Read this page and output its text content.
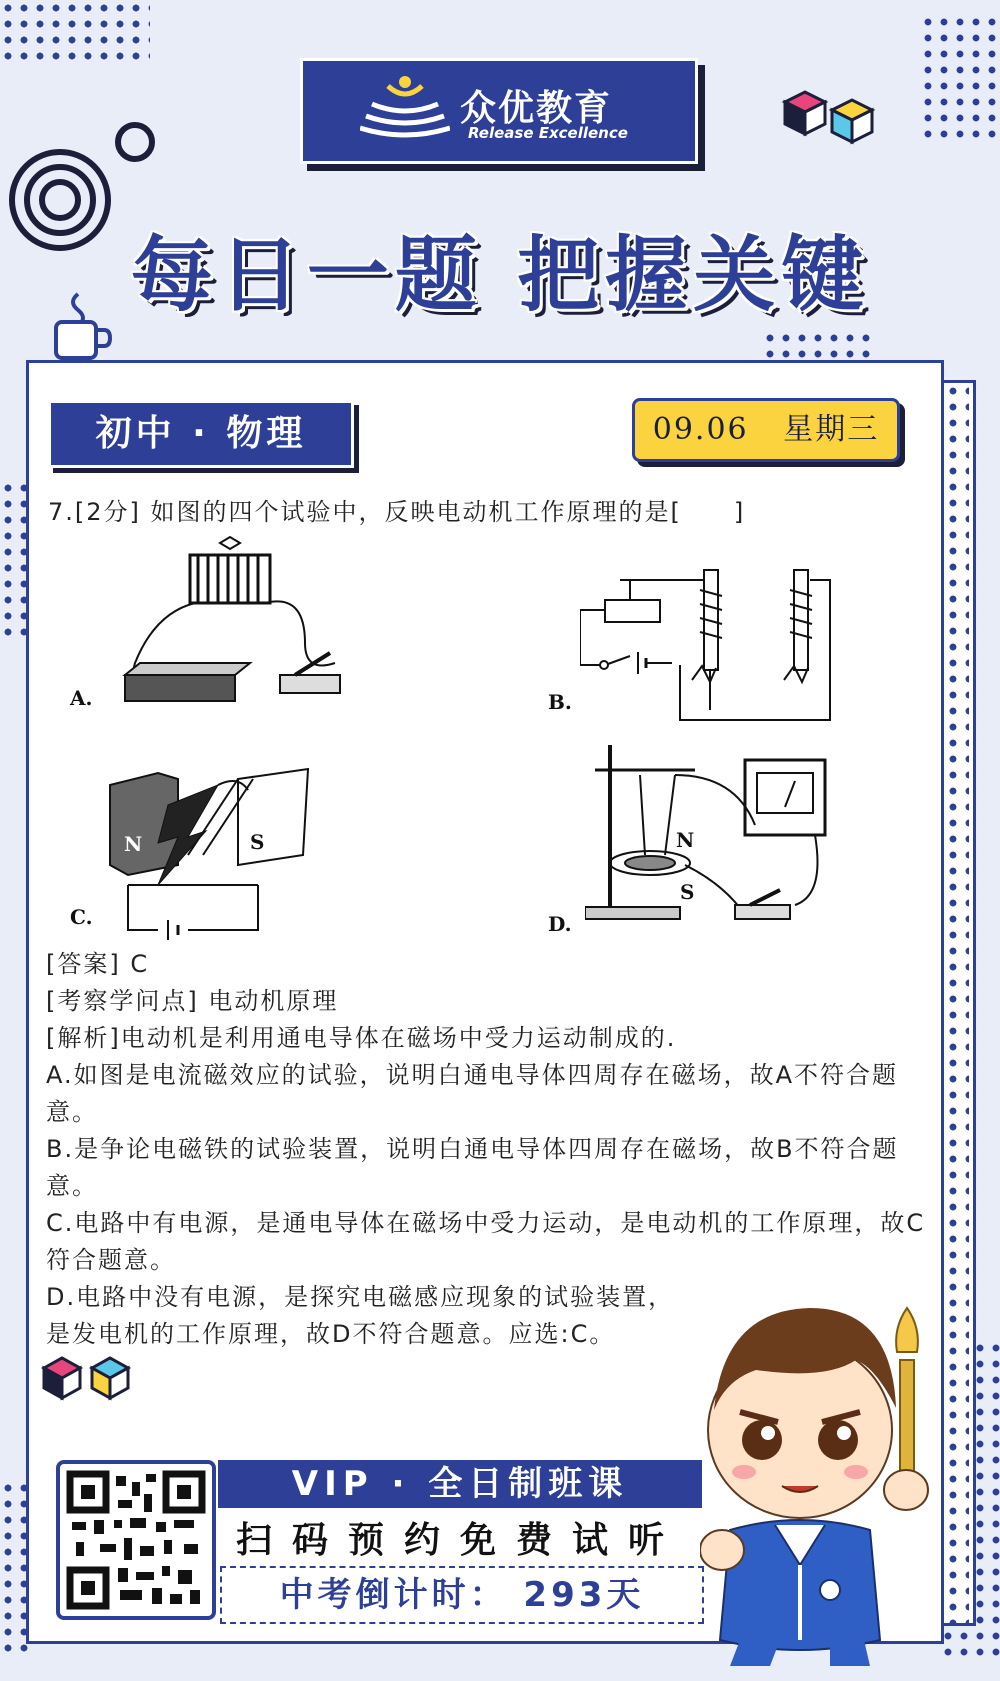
众优教育
Release Excellence
每日一题 把握关键
初中 · 物理	09.06 星期三
7.[2分] 如图的四个试验中，反映电动机工作原理的是[　　]
A.	B.
N	S
C.
N
S
D.
[答案] C
[考察学问点] 电动机原理
[解析]电动机是利用通电导体在磁场中受力运动制成的.
A.如图是电流磁效应的试验，说明白通电导体四周存在磁场，故A不符合题意。
B.是争论电磁铁的试验装置，说明白通电导体四周存在磁场，故B不符合题意。
C.电路中有电源，是通电导体在磁场中受力运动，是电动机的工作原理，故C符合题意。
D.电路中没有电源，是探究电磁感应现象的试验装置，
是发电机的工作原理，故D不符合题意。应选:C。
VIP · 全日制班课
扫码预约免费试听
中考倒计时： 293天
